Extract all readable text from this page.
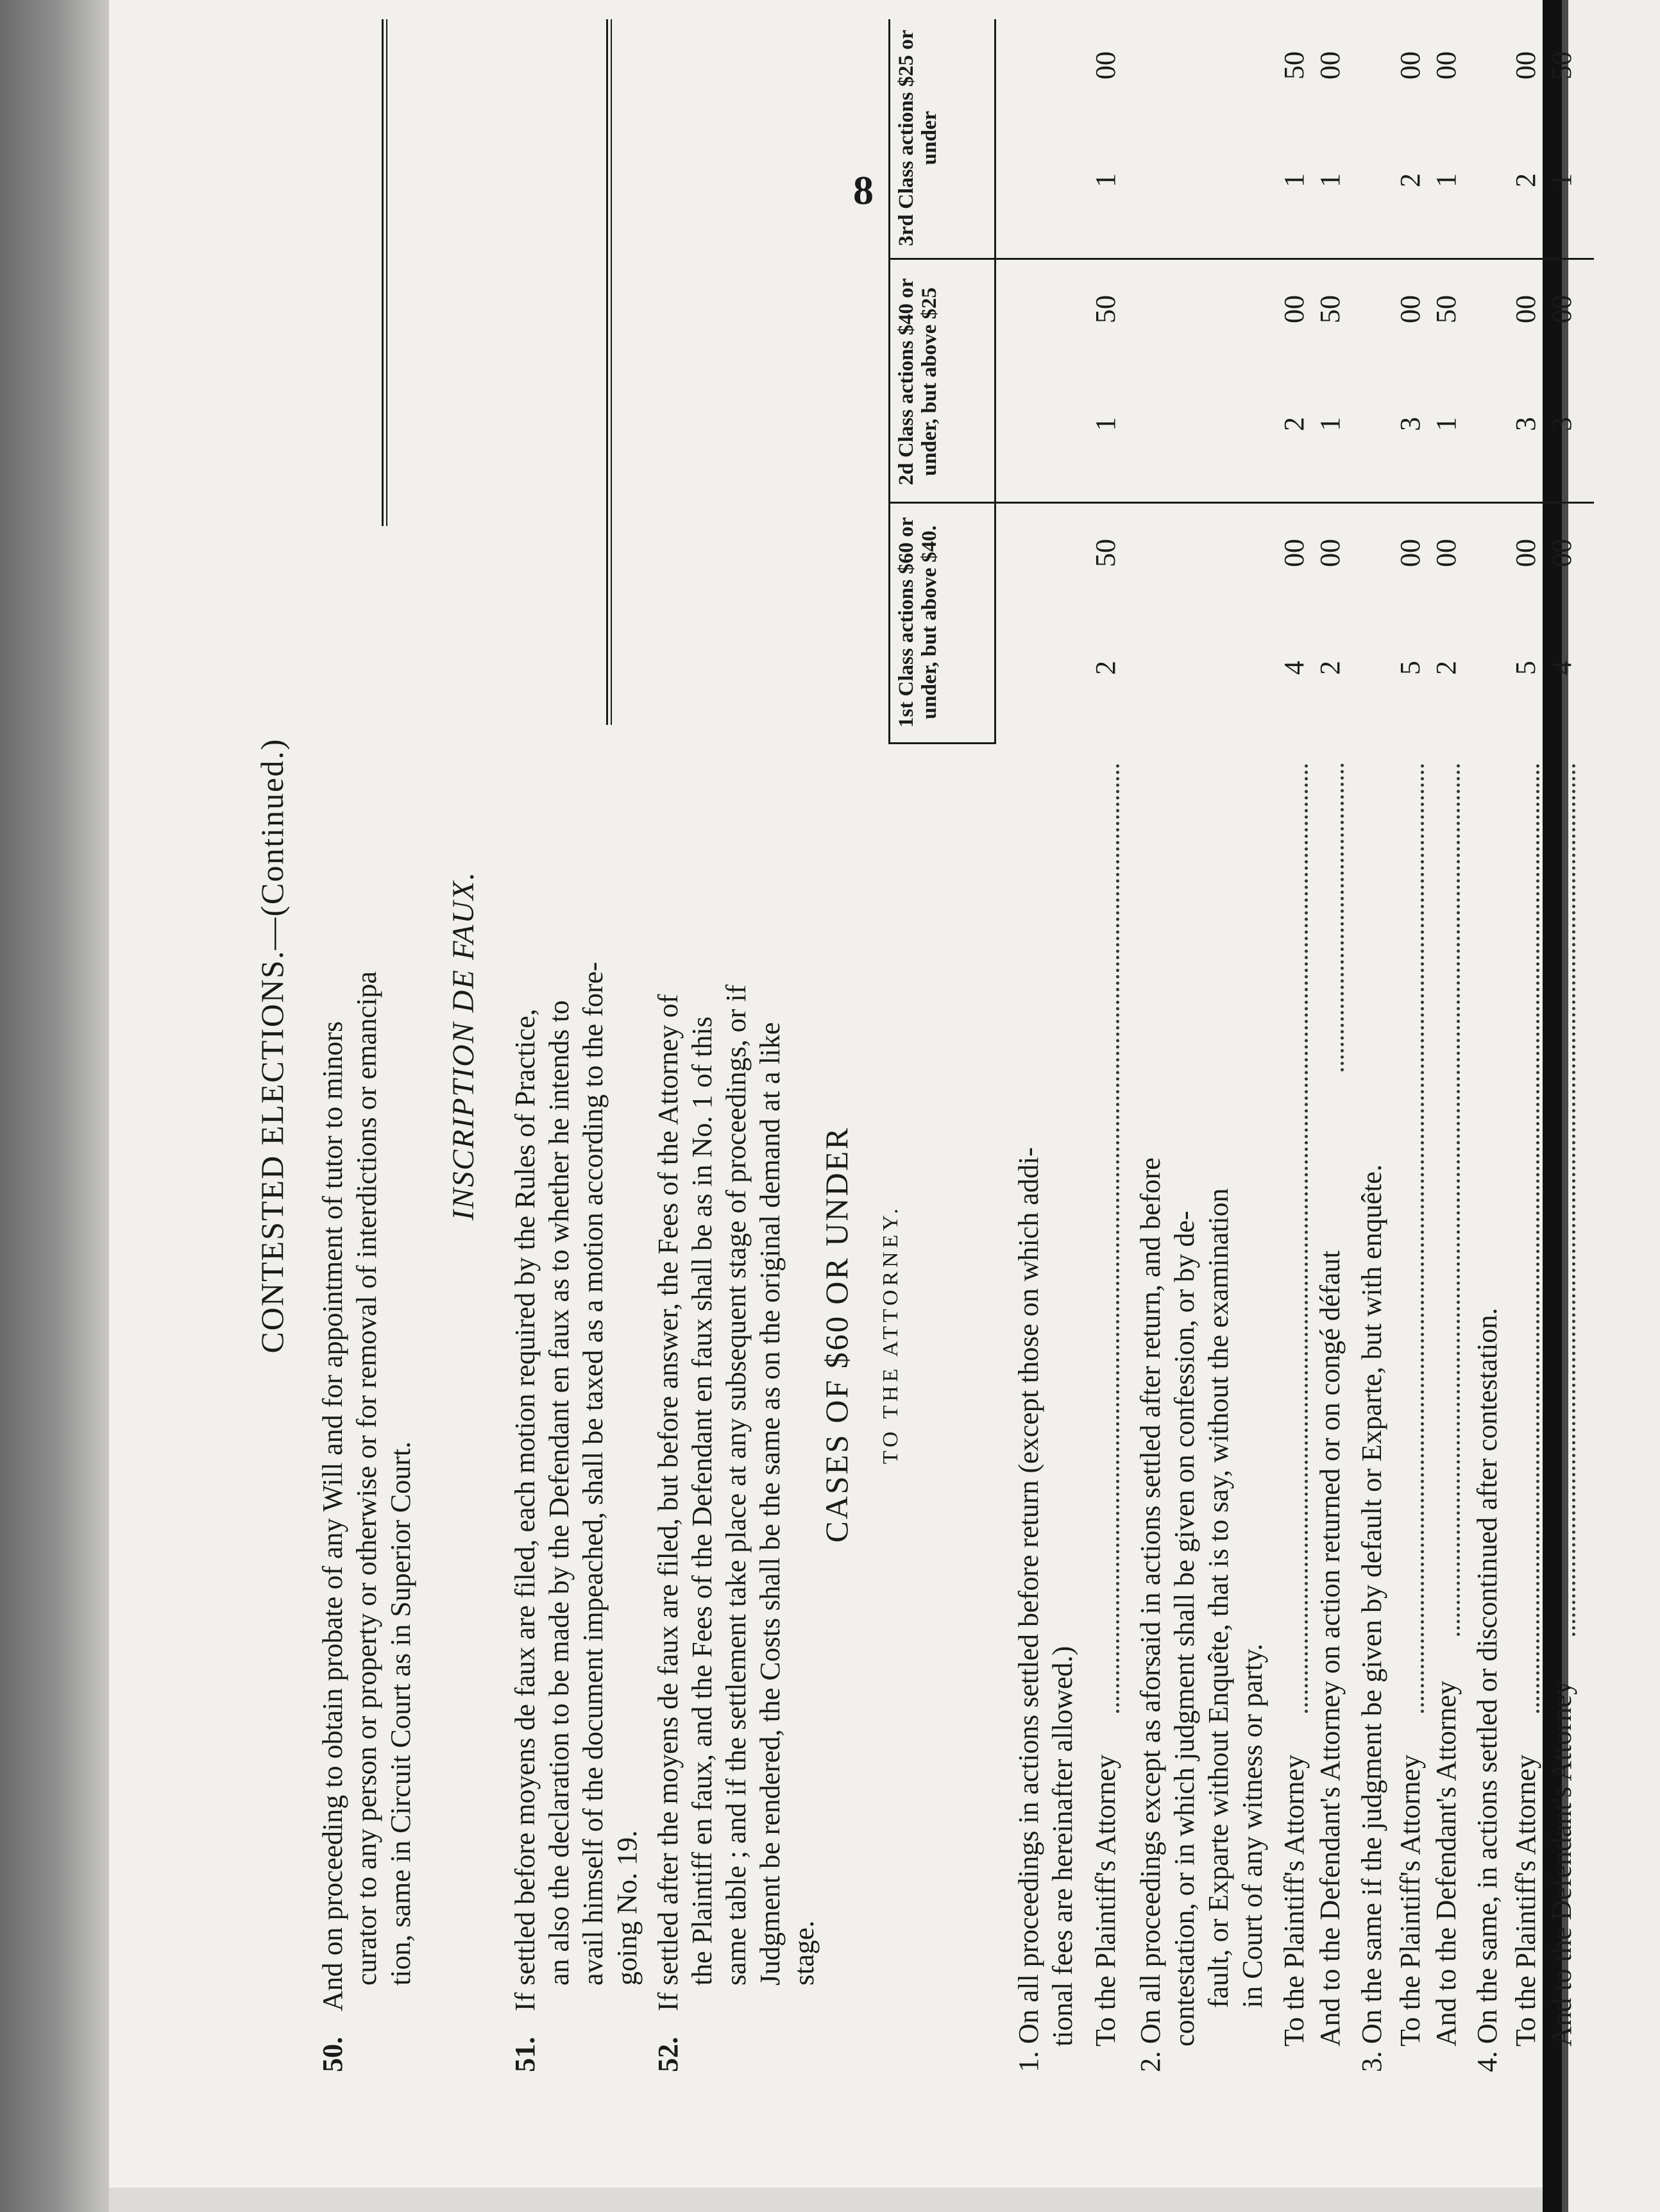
8
CONTESTED ELECTIONS.—(Continued.)
50.
And on proceeding to obtain probate of any Will and for appointment of tutor to minors curator to any person or property or otherwise or for removal of interdictions or emancipa tion, same in Circuit Court as in Superior Court.
INSCRIPTION DE FAUX.
51.
If settled before moyens de faux are filed, each motion required by the Rules of Practice, an also the declaration to be made by the Defendant en faux as to whether he intends to avail himself of the document impeached, shall be taxed as a motion according to the fore- going No. 19.
52.
If settled after the moyens de faux are filed, but before answer, the Fees of the Attorney of the Plaintiff en faux, and the Fees of the Defendant en faux shall be as in No. 1 of this same table ; and if the settlement take place at any subsequent stage of proceedings, or if Judgment be rendered, the Costs shall be the same as on the original demand at a like stage.
CASES OF $60 OR UNDER TO THE ATTORNEY.
1st Class actions $60 or under, but above $40.
2d Class actions $40 or under, but above $25
3rd Class actions $25 or under
1. On all proceedings in actions settled before return (except those on which addi- tional fees are hereinafter allowed.) To the Plaintiff's Attorney
2
50
1
50
1
00
2. On all proceedings except as aforsaid in actions settled after return, and before contestation, or in which judgment shall be given on confession, or by de- fault, or Exparte without Enquête, that is to say, without the examination in Court of any witness or party. To the Plaintiff's Attorney
4
00
2
00
1
50
And to the Defendant's Attorney on action returned or on congé défaut
2
00
1
50
1
00
3. On the same if the judgment be given by default or Exparte, but with enquête. To the Plaintiff's Attorney
5
00
3
00
2
00
And to the Defendant's Attorney
2
00
1
50
1
00
4. On the same, in actions settled or discontinued after contestation. To the Plaintiff's Attorney
5
00
3
00
2
00
And to the Defendant's Attorney
4
00
3
00
1
50
